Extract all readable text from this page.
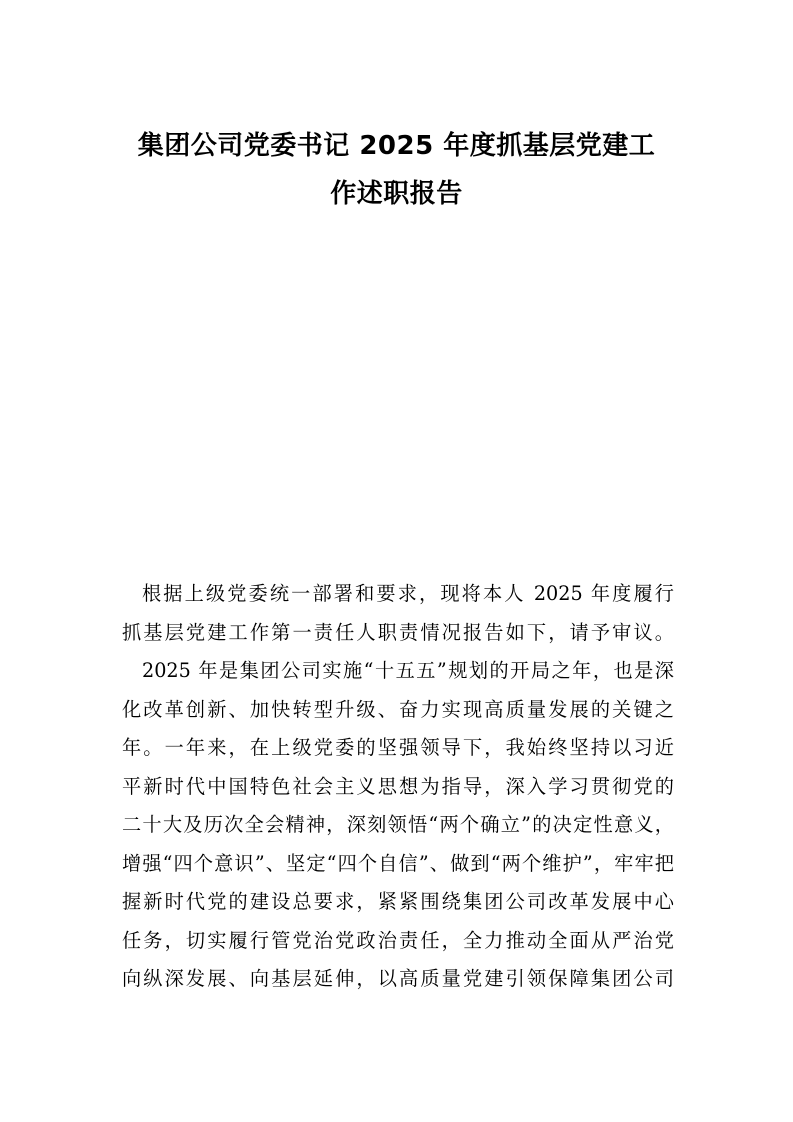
集团公司党委书记 2025 年度抓基层党建工
作述职报告
根据上级党委统一部署和要求，现将本人 2025 年度履行
抓基层党建工作第一责任人职责情况报告如下，请予审议。
2025 年是集团公司实施“十五五”规划的开局之年，也是深
化改革创新、加快转型升级、奋力实现高质量发展的关键之
年。一年来，在上级党委的坚强领导下，我始终坚持以习近
平新时代中国特色社会主义思想为指导，深入学习贯彻党的
二十大及历次全会精神，深刻领悟“两个确立”的决定性意义，
增强“四个意识”、坚定“四个自信”、做到“两个维护”，牢牢把
握新时代党的建设总要求，紧紧围绕集团公司改革发展中心
任务，切实履行管党治党政治责任，全力推动全面从严治党
向纵深发展、向基层延伸，以高质量党建引领保障集团公司
